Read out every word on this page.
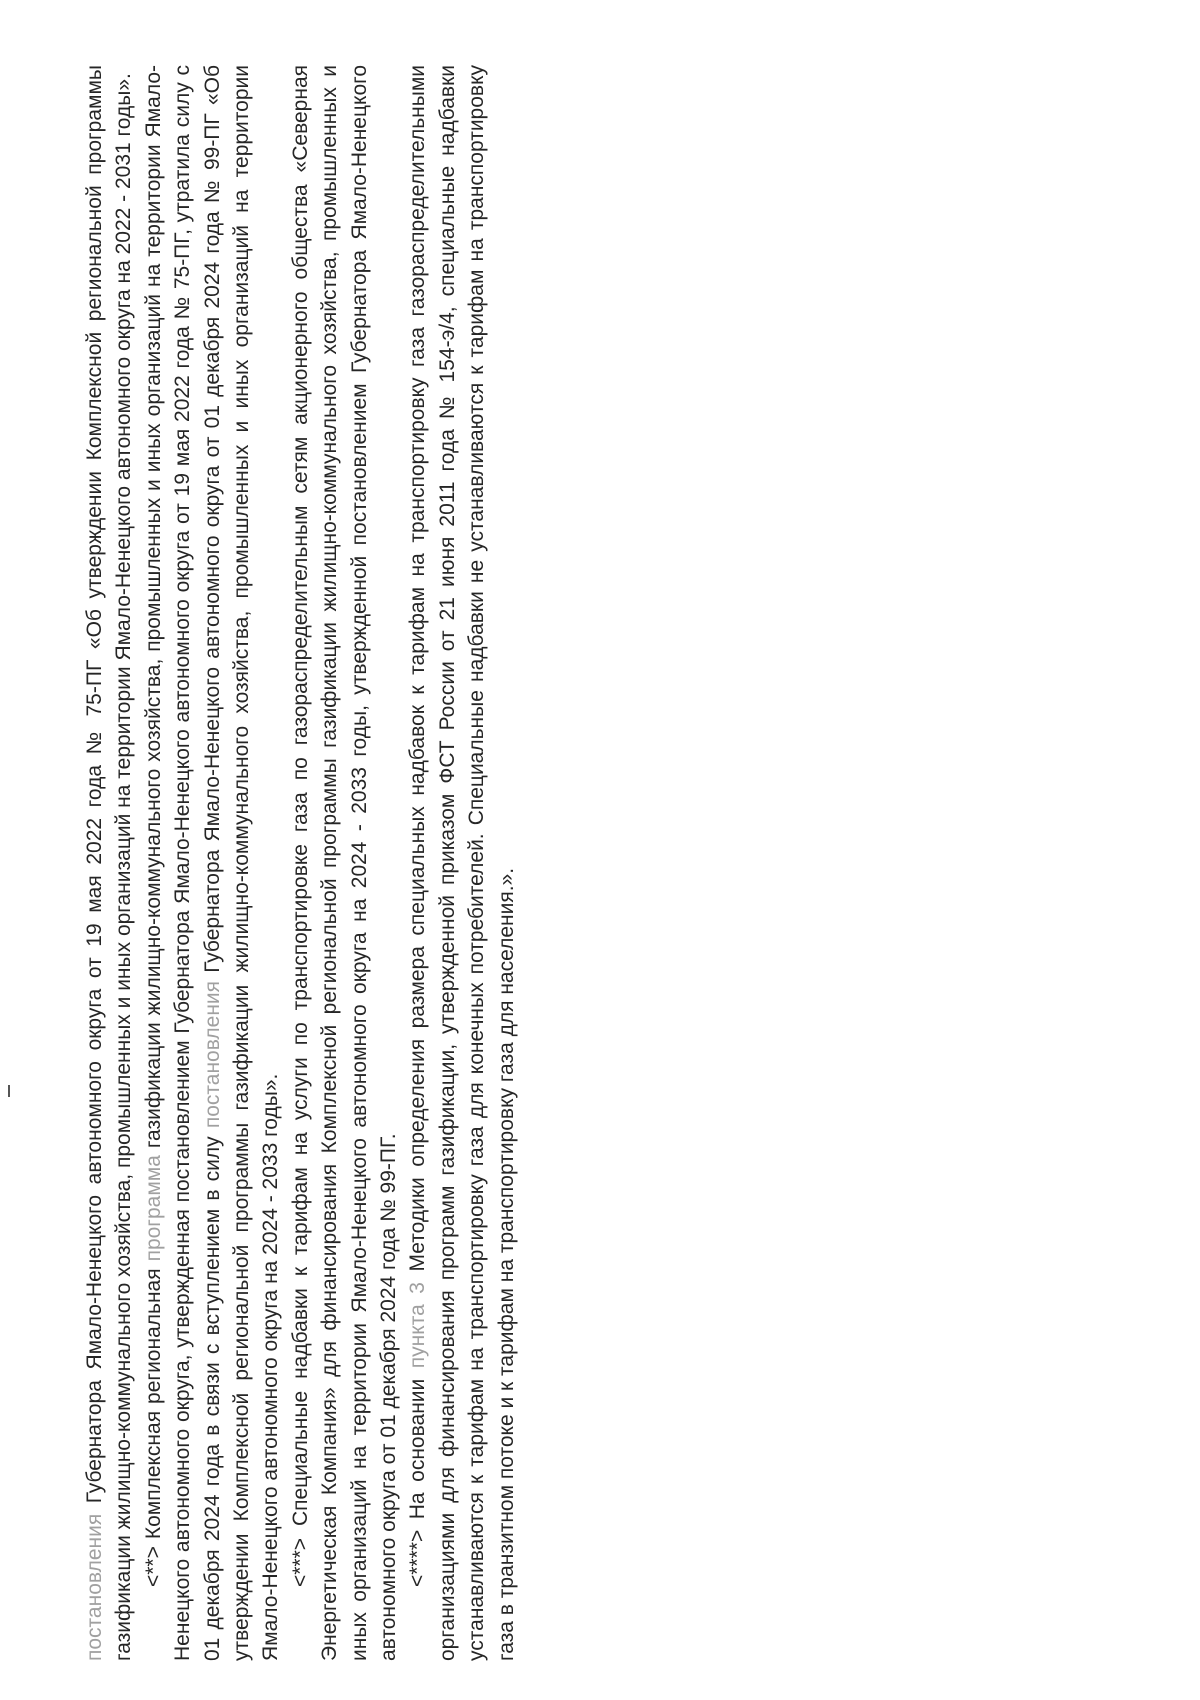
постановления Губернатора Ямало-Ненецкого автономного округа от 19 мая 2022 года № 75-ПГ «Об утверждении Комплексной региональной программы газификации жилищно-коммунального хозяйства, промышленных и иных организаций на территории Ямало-Ненецкого автономного округа на 2022 - 2031 годы». <**> Комплексная региональная программа газификации жилищно-коммунального хозяйства, промышленных и иных организаций на территории Ямало-Ненецкого автономного округа, утвержденная постановлением Губернатора Ямало-Ненецкого автономного округа от 19 мая 2022 года № 75-ПГ, утратила силу с 01 декабря 2024 года в связи с вступлением в силу постановления Губернатора Ямало-Ненецкого автономного округа от 01 декабря 2024 года № 99-ПГ «Об утверждении Комплексной региональной программы газификации жилищно-коммунального хозяйства, промышленных и иных организаций на территории Ямало-Ненецкого автономного округа на 2024 - 2033 годы». <***> Специальные надбавки к тарифам на услуги по транспортировке газа по газораспределительным сетям акционерного общества «Северная Энергетическая Компания» для финансирования Комплексной региональной программы газификации жилищно-коммунального хозяйства, промышленных и иных организаций на территории Ямало-Ненецкого автономного округа на 2024 - 2033 годы, утвержденной постановлением Губернатора Ямало-Ненецкого автономного округа от 01 декабря 2024 года № 99-ПГ. <****> На основании пункта 3 Методики определения размера специальных надбавок к тарифам на транспортировку газа газораспределительными организациями для финансирования программ газификации, утвержденной приказом ФСТ России от 21 июня 2011 года № 154-э/4, специальные надбавки устанавливаются к тарифам на транспортировку газа для конечных потребителей. Специальные надбавки не устанавливаются к тарифам на транспортировку газа в транзитном потоке и к тарифам на транспортировку газа для населения.».
